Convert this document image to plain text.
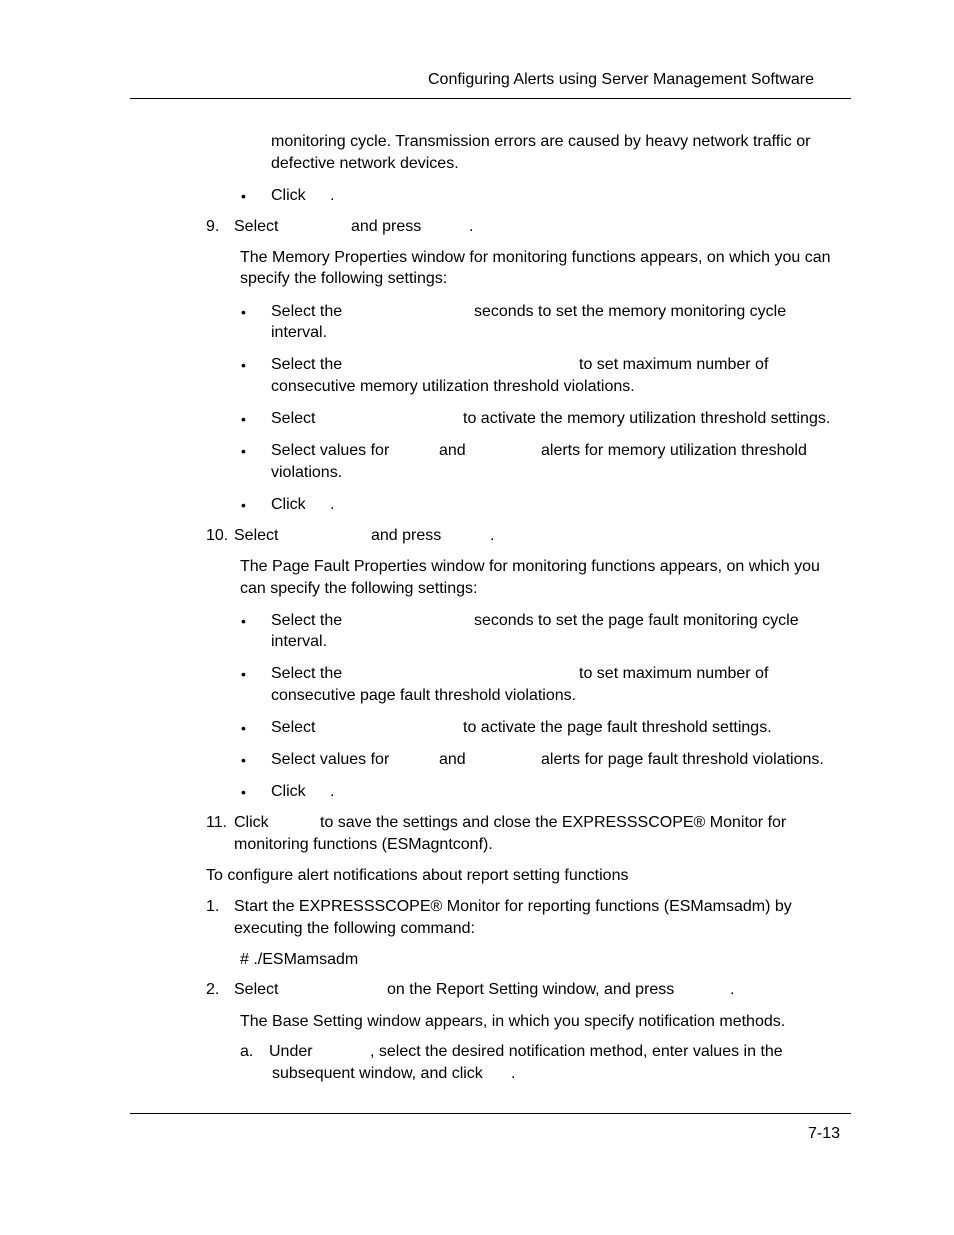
Configuring Alerts using Server Management Software
monitoring cycle. Transmission errors are caused by heavy network traffic or
defective network devices.
• Click .
9. Select	and press	.
The Memory Properties window for monitoring functions appears, on which you can
specify the following settings:
• Select the	seconds to set the memory monitoring cycle
interval.
• Select the	to set maximum number of
consecutive memory utilization threshold violations.
• Select	to activate the memory utilization threshold settings.
• Select values for	and	alerts for memory utilization threshold
violations.
• Click .
10. Select	and press	.
The Page Fault Properties window for monitoring functions appears, on which you
can specify the following settings:
• Select the	seconds to set the page fault monitoring cycle
interval.
• Select the	to set maximum number of
consecutive page fault threshold violations.
• Select	to activate the page fault threshold settings.
• Select values for	and	alerts for page fault threshold violations.
• Click .
11. Click	to save the settings and close the EXPRESSSCOPE® Monitor for
monitoring functions (ESMagntconf).
To configure alert notifications about report setting functions
1. Start the EXPRESSSCOPE® Monitor for reporting functions (ESMamsadm) by
executing the following command:
# ./ESMamsadm
2. Select	on the Report Setting window, and press	.
The Base Setting window appears, in which you specify notification methods.
a. Under	, select the desired notification method, enter values in the
subsequent window, and click .
7-13
